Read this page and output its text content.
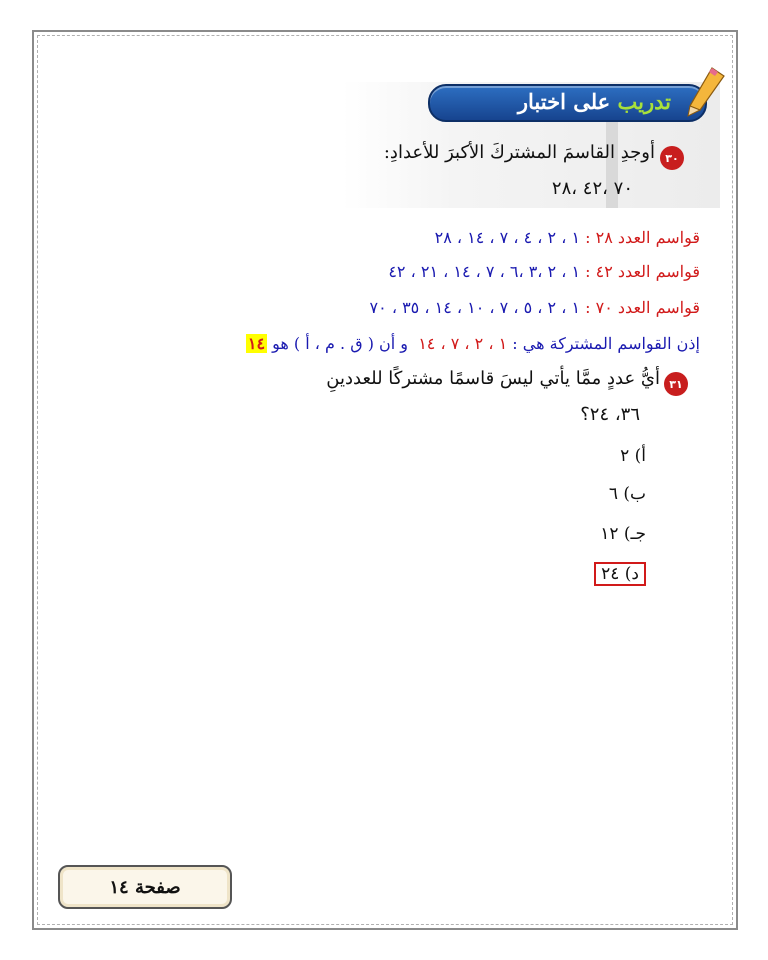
تدريب على اختبار
٣٠
أوجدِ القاسمَ المشتركَ الأكبرَ للأعدادِ:
٧٠ ،٤٢ ،٢٨
قواسم العدد ٢٨ : ١ ، ٢ ، ٤ ، ٧ ، ١٤ ، ٢٨
قواسم العدد ٤٢ : ١ ، ٢ ،٣ ،٦ ، ٧ ، ١٤ ، ٢١ ، ٤٢
قواسم العدد ٧٠ : ١ ، ٢ ، ٥ ، ٧ ، ١٠ ، ١٤ ، ٣٥ ، ٧٠
إذن القواسم المشتركة هي : ١ ، ٢ ، ٧ ، ١٤  و أن ( ق . م ، أ ) هو ١٤
٣١
أيُّ عددٍ ممَّا يأتي ليسَ قاسمًا مشتركًا للعددينِ
٣٦، ٢٤؟
أ) ٢
ب) ٦
جـ) ١٢
د) ٢٤
صفحة ١٤
